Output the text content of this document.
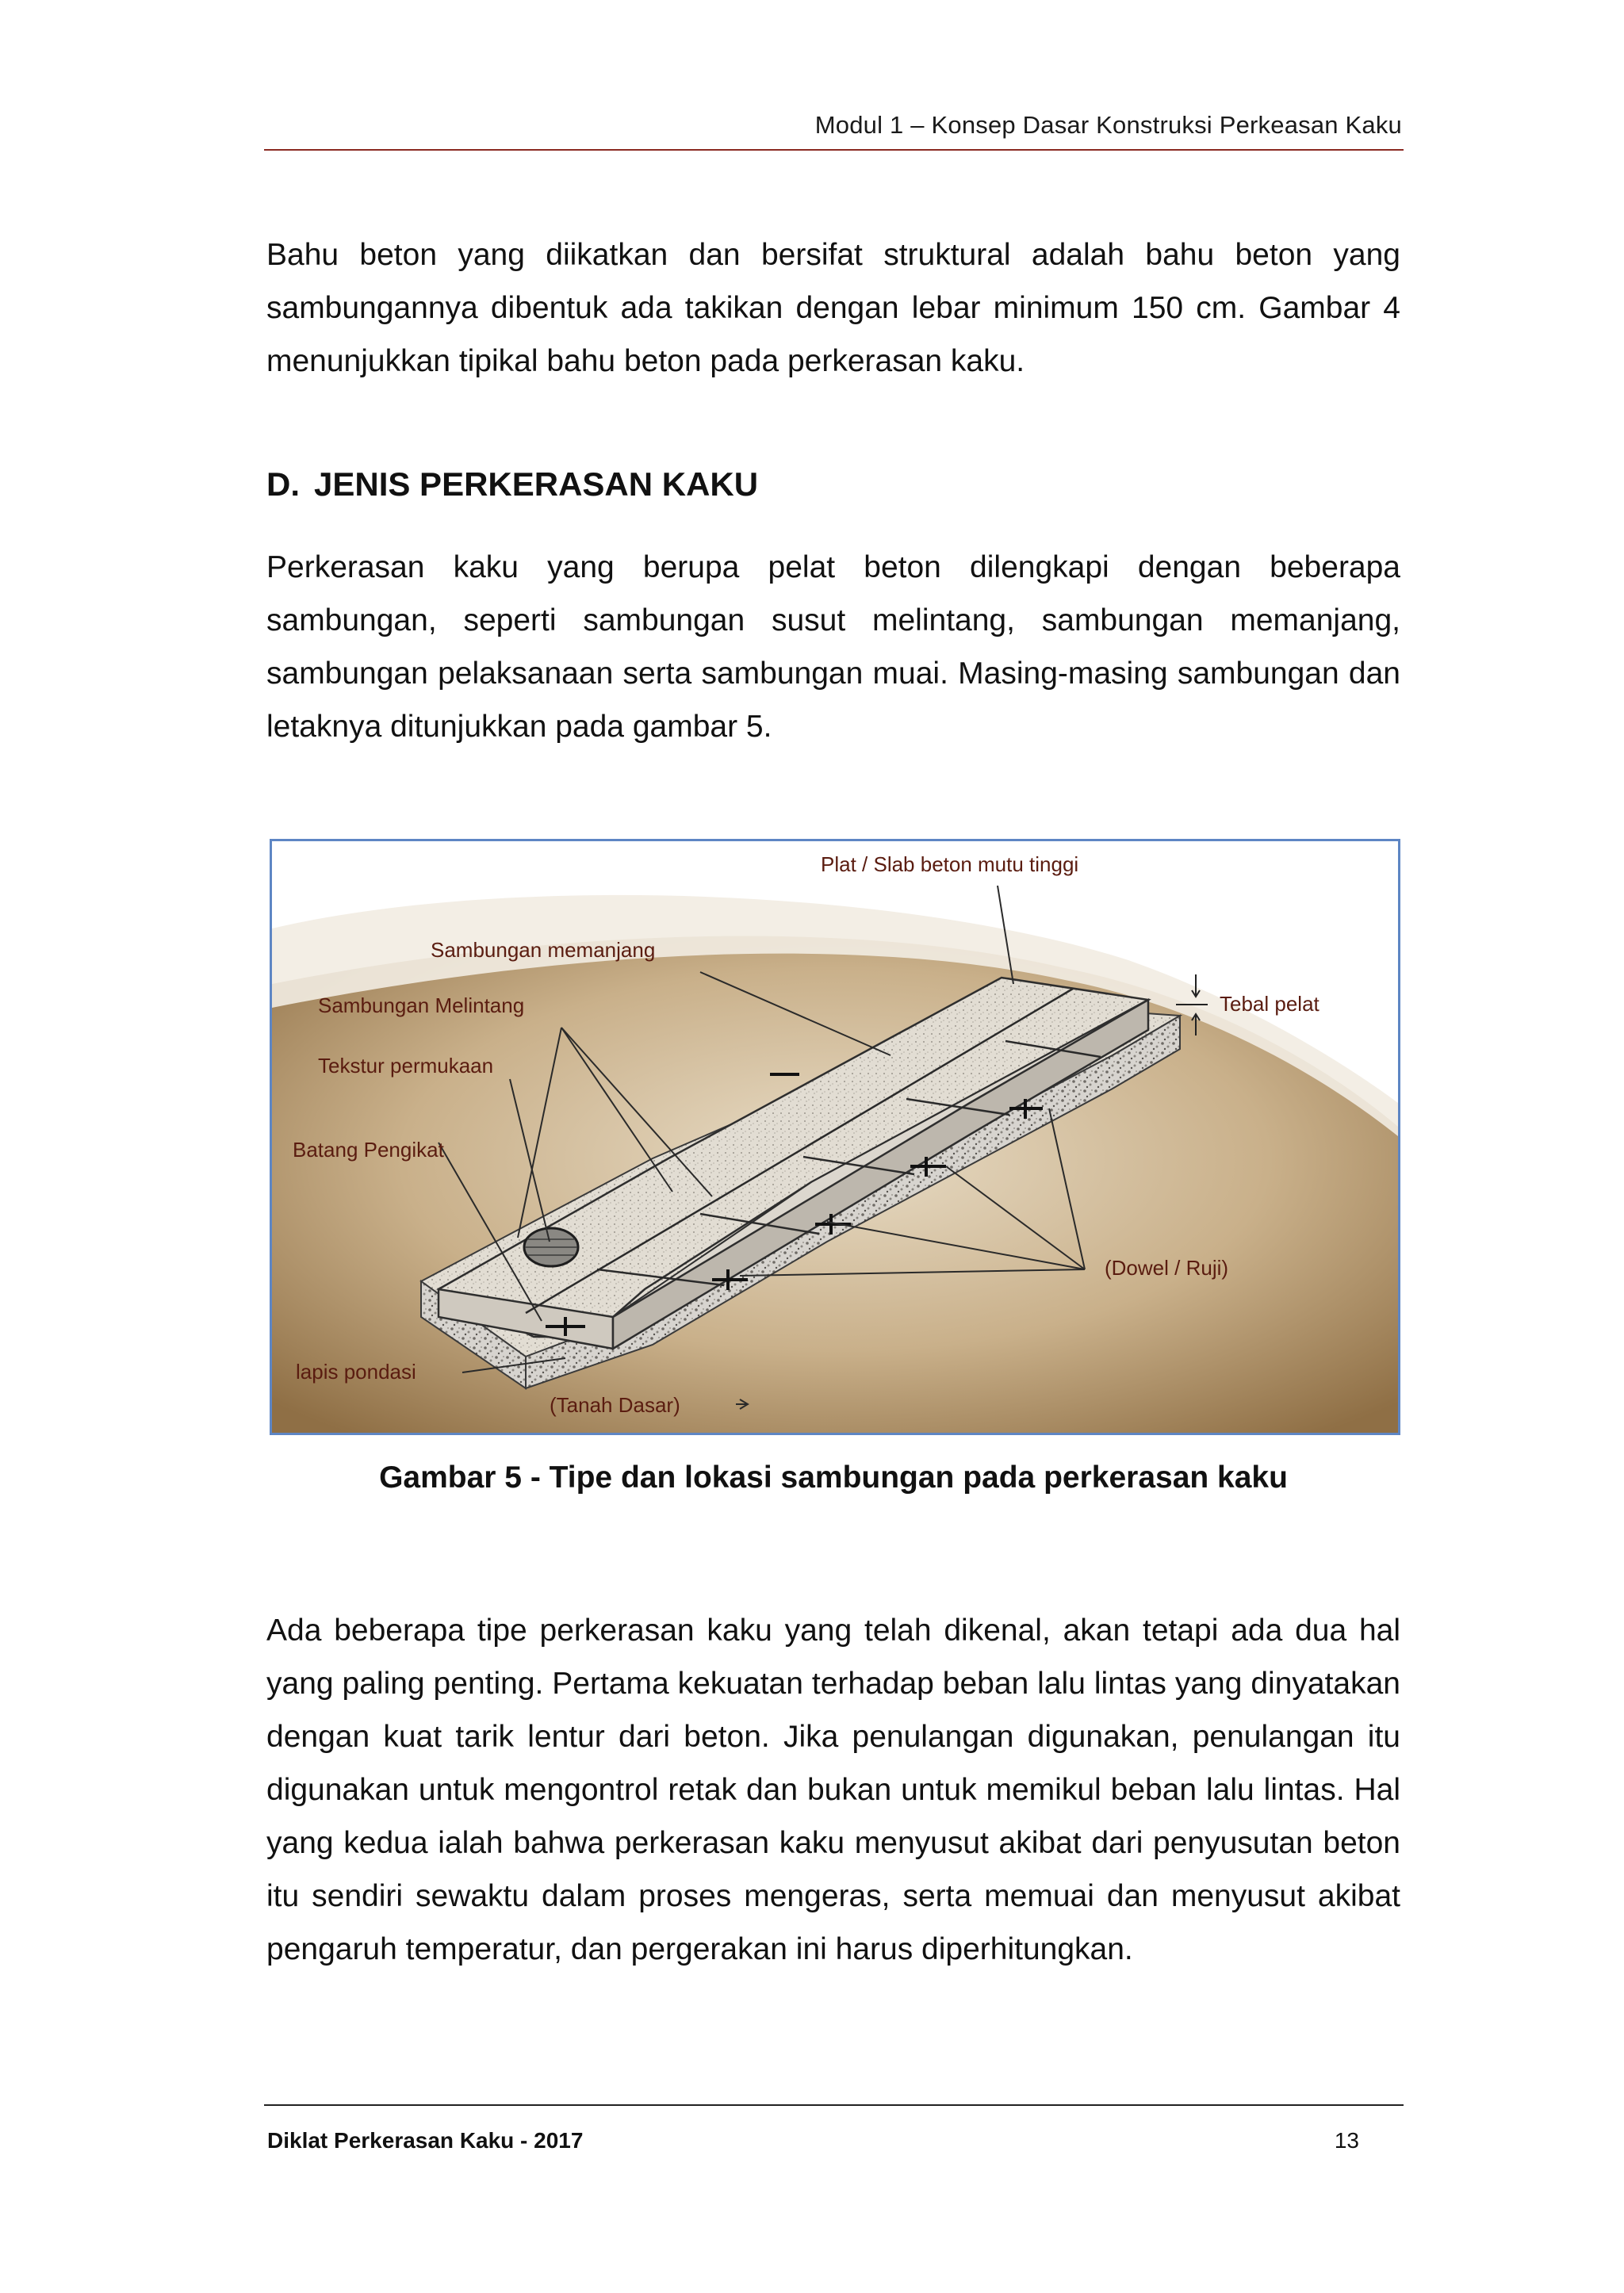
Modul 1 – Konsep Dasar Konstruksi Perkeasan Kaku

Bahu beton yang diikatkan dan bersifat struktural adalah bahu beton yang sambungannya dibentuk ada takikan dengan lebar minimum 150 cm. Gambar 4 menunjukkan tipikal bahu beton pada perkerasan kaku.

D. JENIS PERKERASAN KAKU

Perkerasan kaku yang berupa pelat beton dilengkapi dengan beberapa sambungan, seperti sambungan susut melintang, sambungan memanjang, sambungan pelaksanaan serta sambungan muai. Masing-masing sambungan dan letaknya ditunjukkan pada gambar 5.

Plat / Slab beton mutu tinggi
Sambungan memanjang
Sambungan Melintang
Tekstur permukaan
Batang Pengikat
Tebal pelat
(Dowel / Ruji)
lapis pondasi
(Tanah Dasar)

Gambar 5 - Tipe dan lokasi sambungan pada perkerasan kaku

Ada beberapa tipe perkerasan kaku yang telah dikenal, akan tetapi ada dua hal yang paling penting. Pertama kekuatan terhadap beban lalu lintas yang dinyatakan dengan kuat tarik lentur dari beton. Jika penulangan digunakan, penulangan itu digunakan untuk mengontrol retak dan bukan untuk memikul beban lalu lintas. Hal yang kedua ialah bahwa perkerasan kaku menyusut akibat dari penyusutan beton itu sendiri sewaktu dalam proses mengeras, serta memuai dan menyusut akibat pengaruh temperatur, dan pergerakan ini harus diperhitungkan.

Diklat Perkerasan Kaku - 2017	13
